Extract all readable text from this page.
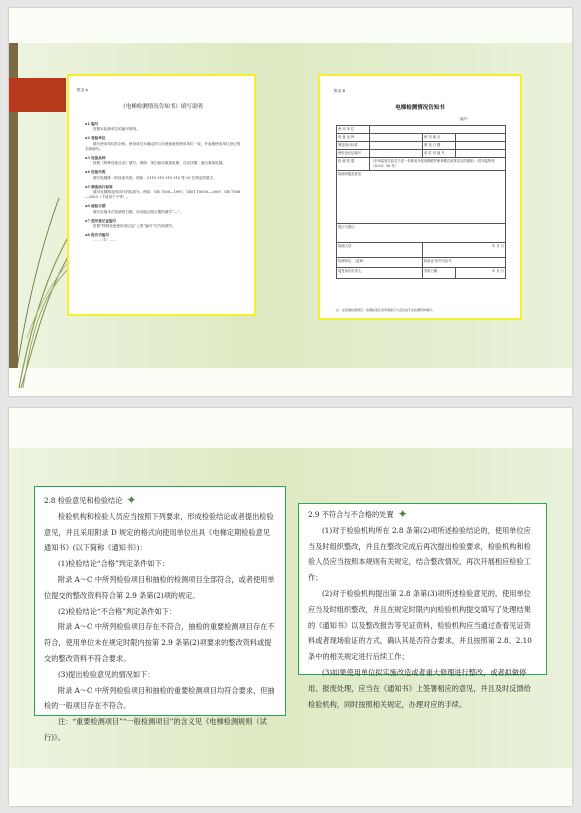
附录 A

《电梯检测情况告知书》填写说明

a1 编号
按照本检测单位的编号规则。
a2 受检单位
填写使用单位的全称，使用单位未确定的与办理备案的使用单位一致，并参照使用单位登记的名称填写。
a3 设备品种
按照《特种设备目录》填写。例如：曳引驱动乘客电梯、自动扶梯、液压乘客电梯。
a4 设备代码
填写电梯唯一的设备代码。例如：3110 310 310 310 等 20 位特定的数字。
a5 制造执行标准
填写电梯制造所执行的标准号。例如：GB 7588—1995、GB/T 10058—2009、GB 7588—2003（不适用于于等）。
a6 检验日期
填写实施本次检测的日期，如未能注明日期的填写“—”。
a7 使用登记证编号
按照“特种设备使用登记证”上的“编号”栏内容填写。
a8 报告书编号
……（1）……
附录 B

电梯检测情况告知书

编号：
使 用 单 位			
设 备 品 种		使 用 地 点	
制造执行标准		制 造 日 期	
使用登记证编号		单 位 内 编 号	
检 测 依 据	《市场监管总局关于进一步推动开展电梯维护保养模式改革试点的通知》（国市监特设〔2020〕56 号）		
检测问题及意见：			
提示与建议：			
检测人员：		年 月 日	
检测单位：（盖章）		检验证书/许可证号：	
接受单位负责人：		签收日期：	年 月 日
注：在检测检测项目、检测标准及选用等提示与意见由专业检测机构填写。

2.8 检验意见和检验结论 ✦

检验机构和检验人员应当按照下列要求，形成检验结论或者提出检验意见，并且采用附录 D 规定的格式向使用单位出具《电梯定期检验意见通知书》(以下简称《通知书》)：

(1)检验结论“合格”判定条件如下：

附录 A～C 中所列检验项目和抽检的检测项目全部符合，或者使用单位提交的整改资料符合第 2.9 条第(2)项的规定。

(2)检验结论“不合格”判定条件如下：

附录 A～C 中所列检验项目存在不符合，抽检的重要检测项目存在不符合，使用单位未在规定时限内按第 2.9 条第(2)项要求的整改资料或提交的整改资料不符合要求。

(3)提出检验意见的情况如下：

附录 A～C 中所列检验项目和抽检的重要检测项目均符合要求，但抽检的一般项目存在不符合。

注：“重要检测项目”“一般检测项目”的含义见《电梯检测规则（试行)》。

2.9 不符合与不合格的处置 ✦

(1)对于检验机构所在 2.8 条第(2)项所述检验结论的，使用单位应当及时组织整改，并且在整改完成后再次提出检验要求，检验机构和检验人员应当按照本规则有关规定，结合整改情况，再次开展相应检验工作；

(2)对于检验机构提出第 2.8 条第(3)项所述检验意见的，使用单位应当及时组织整改，并且在规定时限内向检验机构提交填写了处理结果的《通知书》以及整改报告等见证资料，检验机构应当通过查看见证资料或者现场验证的方式，确认其是否符合要求，并且按照第 2.8、2.10 条中的相关规定进行后续工作；

(3)如果使用单位拟实施改造或者重大修理进行整改，或者拟做停用、报废处理，应当在《通知书》上签署相应的意见，并且及时反馈给检验机构，同时按照相关规定，办理对应的手续。
